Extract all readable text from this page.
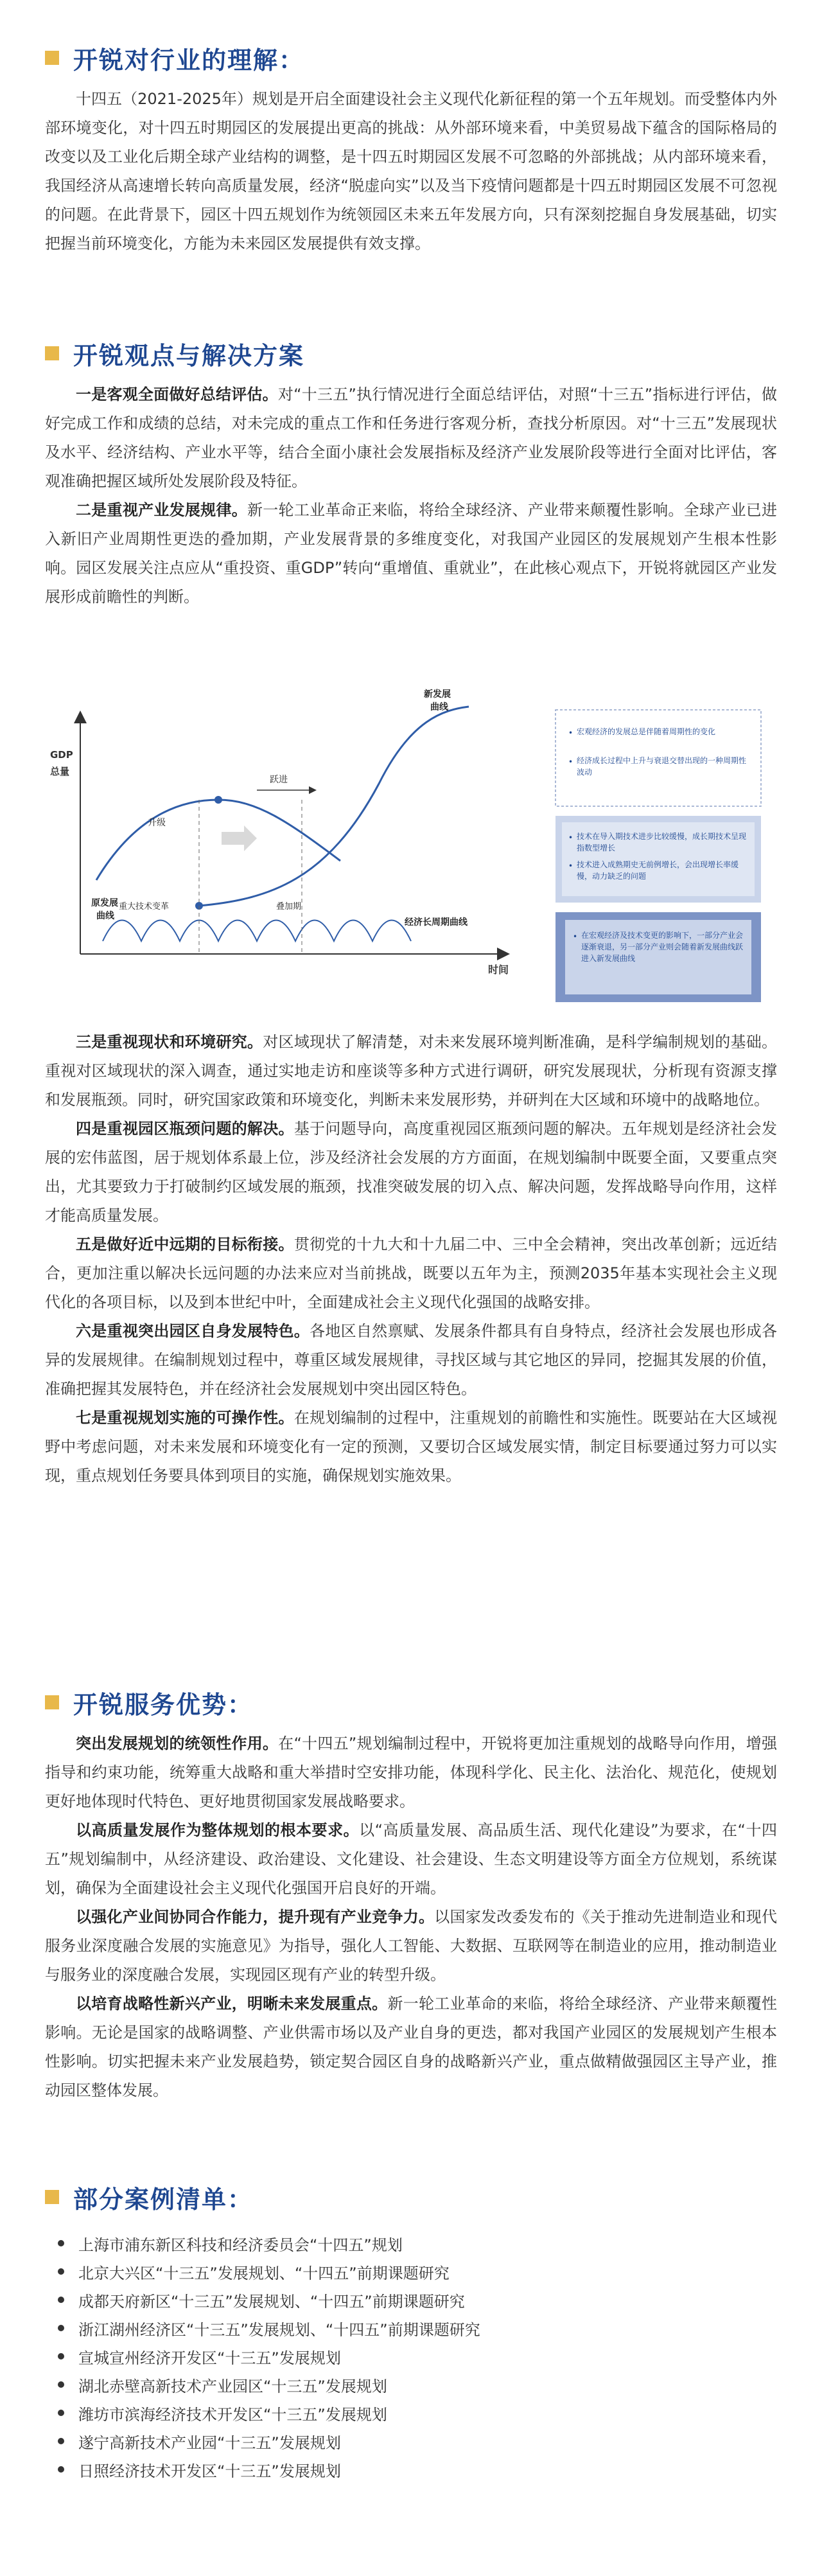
开锐对行业的理解：

十四五（2021-2025年）规划是开启全面建设社会主义现代化新征程的第一个五年规划。而受整体内外部环境变化，对十四五时期园区的发展提出更高的挑战：从外部环境来看，中美贸易战下蕴含的国际格局的改变以及工业化后期全球产业结构的调整，是十四五时期园区发展不可忽略的外部挑战；从内部环境来看，我国经济从高速增长转向高质量发展，经济“脱虚向实”以及当下疫情问题都是十四五时期园区发展不可忽视的问题。在此背景下，园区十四五规划作为统领园区未来五年发展方向，只有深刻挖掘自身发展基础，切实把握当前环境变化，方能为未来园区发展提供有效支撑。

开锐观点与解决方案

一是客观全面做好总结评估。对“十三五”执行情况进行全面总结评估，对照“十三五”指标进行评估，做好完成工作和成绩的总结，对未完成的重点工作和任务进行客观分析，查找分析原因。对“十三五”发展现状及水平、经济结构、产业水平等，结合全面小康社会发展指标及经济产业发展阶段等进行全面对比评估，客观准确把握区域所处发展阶段及特征。

二是重视产业发展规律。新一轮工业革命正来临，将给全球经济、产业带来颠覆性影响。全球产业已进入新旧产业周期性更迭的叠加期，产业发展背景的多维度变化，对我国产业园区的发展规划产生根本性影响。园区发展关注点应从“重投资、重GDP”转向“重增值、重就业”，在此核心观点下，开锐将就园区产业发展形成前瞻性的判断。

GDP
总量
时间
经济长周期曲线
原发展
曲线
升级
新发展
曲线
跃进
重大技术变革	叠加期
• 宏观经济的发展总是伴随着周期性的变化
• 经济成长过程中上升与衰退交替出现的一种周期性波动
• 技术在导入期技术进步比较缓慢，成长期技术呈现指数型增长
• 技术进入成熟期史无前例增长，会出现增长率缓慢，动力缺乏的问题
• 在宏观经济及技术变更的影响下，一部分产业会逐渐衰退，另一部分产业则会随着新发展曲线跃进入新发展曲线

三是重视现状和环境研究。对区域现状了解清楚，对未来发展环境判断准确，是科学编制规划的基础。重视对区域现状的深入调查，通过实地走访和座谈等多种方式进行调研，研究发展现状，分析现有资源支撑和发展瓶颈。同时，研究国家政策和环境变化，判断未来发展形势，并研判在大区域和环境中的战略地位。

四是重视园区瓶颈问题的解决。基于问题导向，高度重视园区瓶颈问题的解决。五年规划是经济社会发展的宏伟蓝图，居于规划体系最上位，涉及经济社会发展的方方面面，在规划编制中既要全面，又要重点突出，尤其要致力于打破制约区域发展的瓶颈，找准突破发展的切入点、解决问题，发挥战略导向作用，这样才能高质量发展。

五是做好近中远期的目标衔接。贯彻党的十九大和十九届二中、三中全会精神，突出改革创新；远近结合，更加注重以解决长远问题的办法来应对当前挑战，既要以五年为主，预测2035年基本实现社会主义现代化的各项目标，以及到本世纪中叶，全面建成社会主义现代化强国的战略安排。

六是重视突出园区自身发展特色。各地区自然禀赋、发展条件都具有自身特点，经济社会发展也形成各异的发展规律。在编制规划过程中，尊重区域发展规律，寻找区域与其它地区的异同，挖掘其发展的价值，准确把握其发展特色，并在经济社会发展规划中突出园区特色。

七是重视规划实施的可操作性。在规划编制的过程中，注重规划的前瞻性和实施性。既要站在大区域视野中考虑问题，对未来发展和环境变化有一定的预测，又要切合区域发展实情，制定目标要通过努力可以实现，重点规划任务要具体到项目的实施，确保规划实施效果。

开锐服务优势：

突出发展规划的统领性作用。在“十四五”规划编制过程中，开锐将更加注重规划的战略导向作用，增强指导和约束功能，统筹重大战略和重大举措时空安排功能，体现科学化、民主化、法治化、规范化，使规划更好地体现时代特色、更好地贯彻国家发展战略要求。

以高质量发展作为整体规划的根本要求。以“高质量发展、高品质生活、现代化建设”为要求，在“十四五”规划编制中，从经济建设、政治建设、文化建设、社会建设、生态文明建设等方面全方位规划，系统谋划，确保为全面建设社会主义现代化强国开启良好的开端。

以强化产业间协同合作能力，提升现有产业竞争力。以国家发改委发布的《关于推动先进制造业和现代服务业深度融合发展的实施意见》为指导，强化人工智能、大数据、互联网等在制造业的应用，推动制造业与服务业的深度融合发展，实现园区现有产业的转型升级。

以培育战略性新兴产业，明晰未来发展重点。新一轮工业革命的来临，将给全球经济、产业带来颠覆性影响。无论是国家的战略调整、产业供需市场以及产业自身的更迭，都对我国产业园区的发展规划产生根本性影响。切实把握未来产业发展趋势，锁定契合园区自身的战略新兴产业，重点做精做强园区主导产业，推动园区整体发展。

部分案例清单：
上海市浦东新区科技和经济委员会“十四五”规划
北京大兴区“十三五”发展规划、“十四五”前期课题研究
成都天府新区“十三五”发展规划、“十四五”前期课题研究
浙江湖州经济区“十三五”发展规划、“十四五”前期课题研究
宣城宣州经济开发区“十三五”发展规划
湖北赤壁高新技术产业园区“十三五”发展规划
潍坊市滨海经济技术开发区“十三五”发展规划
遂宁高新技术产业园“十三五”发展规划
日照经济技术开发区“十三五”发展规划
